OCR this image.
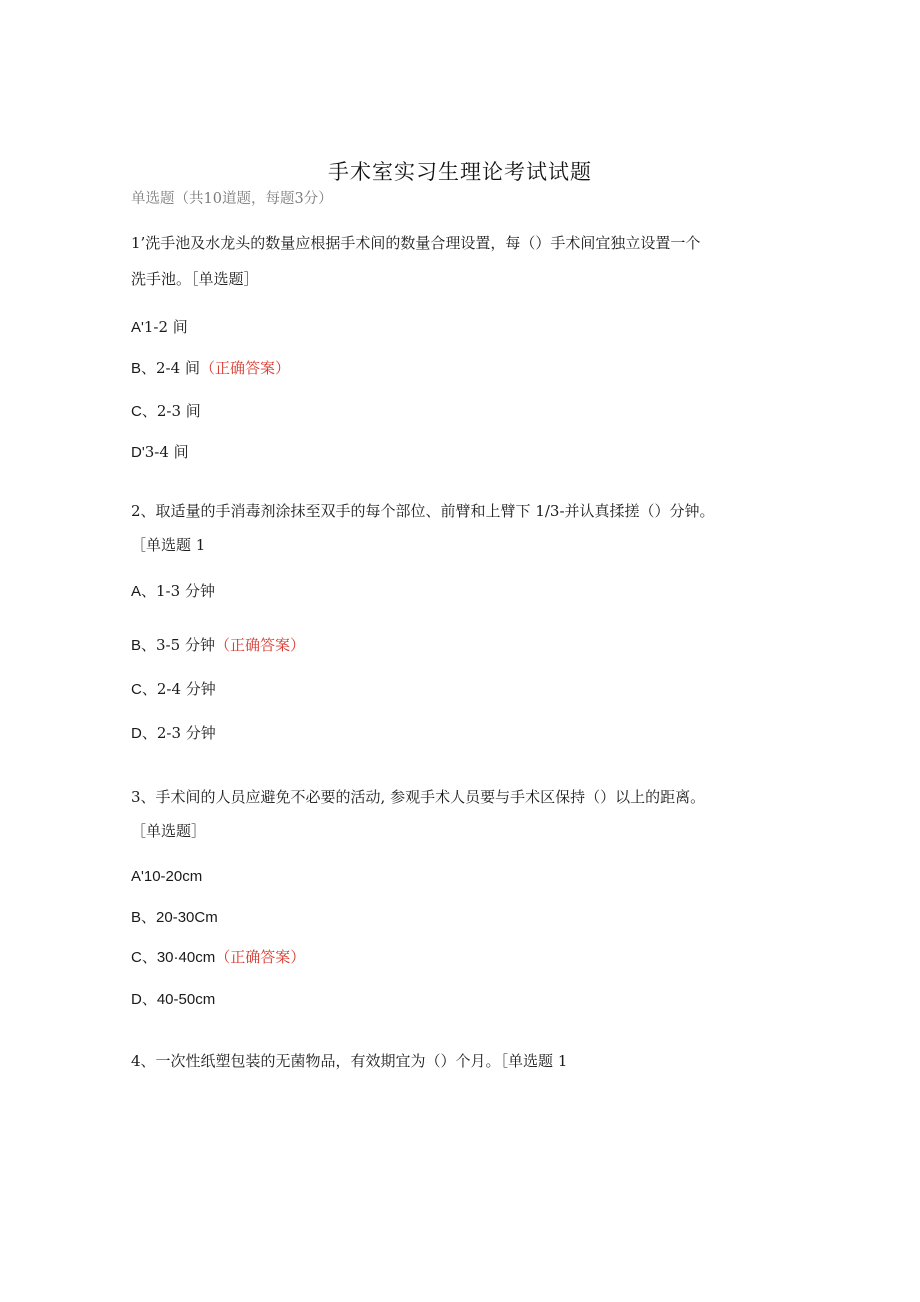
手术室实习生理论考试试题
单选题（共10道题，每题3分）
1’洗手池及水龙头的数量应根据手术间的数量合理设置，每（）手术间宜独立设置一个
洗手池。［单选题］
A'1-2 间
B、2-4 间（正确答案）
C、2-3 间
D'3-4 间
2、取适量的手消毒剂涂抹至双手的每个部位、前臂和上臂下 1/3-并认真揉搓（）分钟。
［单选题 1
A、1-3 分钟
B、3-5 分钟（正确答案）
C、2-4 分钟
D、2-3 分钟
3、手术间的人员应避免不必要的活动, 参观手术人员要与手术区保持（）以上的距离。
［单选题］
A'10-20cm
B、20-30Cm
C、30·40cm（正确答案）
D、40-50cm
4、一次性纸塑包装的无菌物品，有效期宜为（）个月。［单选题 1
